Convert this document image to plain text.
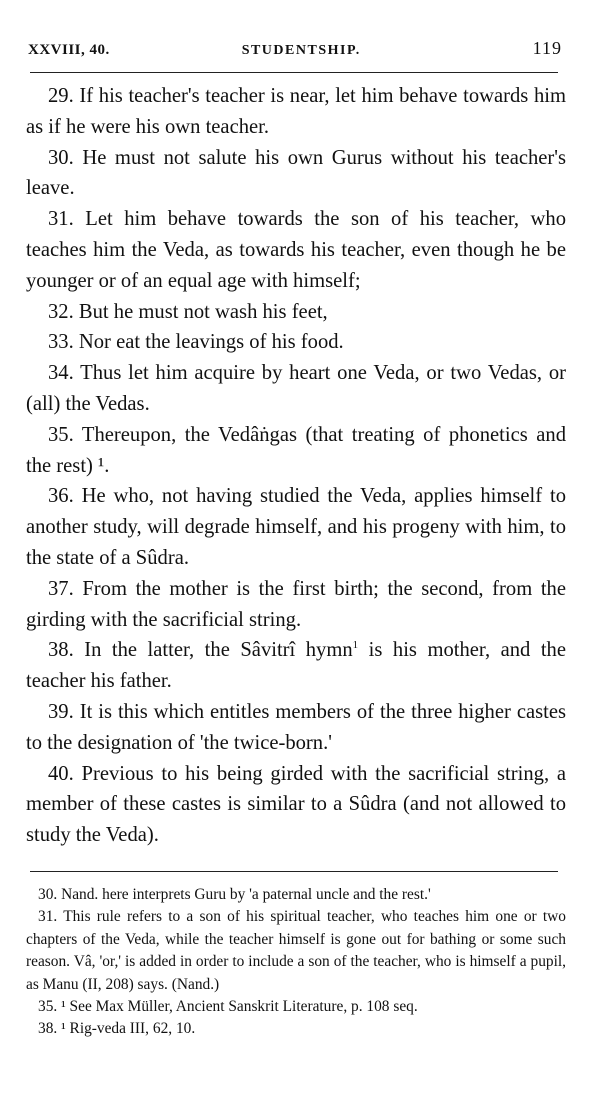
XXVIII, 40.	STUDENTSHIP.	119

29. If his teacher's teacher is near, let him behave towards him as if he were his own teacher.

30. He must not salute his own Gurus without his teacher's leave.

31. Let him behave towards the son of his teacher, who teaches him the Veda, as towards his teacher, even though he be younger or of an equal age with himself;

32. But he must not wash his feet,

33. Nor eat the leavings of his food.

34. Thus let him acquire by heart one Veda, or two Vedas, or (all) the Vedas.

35. Thereupon, the Vedâṅgas (that treating of phonetics and the rest) ¹.

36. He who, not having studied the Veda, applies himself to another study, will degrade himself, and his progeny with him, to the state of a Sûdra.

37. From the mother is the first birth; the second, from the girding with the sacrificial string.

38. In the latter, the Sâvitrî hymn$^1$ is his mother, and the teacher his father.

39. It is this which entitles members of the three higher castes to the designation of 'the twice-born.'

40. Previous to his being girded with the sacrificial string, a member of these castes is similar to a Sûdra (and not allowed to study the Veda).

30. Nand. here interprets Guru by 'a paternal uncle and the rest.'

31. This rule refers to a son of his spiritual teacher, who teaches him one or two chapters of the Veda, while the teacher himself is gone out for bathing or some such reason. Vâ, 'or,' is added in order to include a son of the teacher, who is himself a pupil, as Manu (II, 208) says. (Nand.)

35. ¹ See Max Müller, Ancient Sanskrit Literature, p. 108 seq.

38. ¹ Rig-veda III, 62, 10.
